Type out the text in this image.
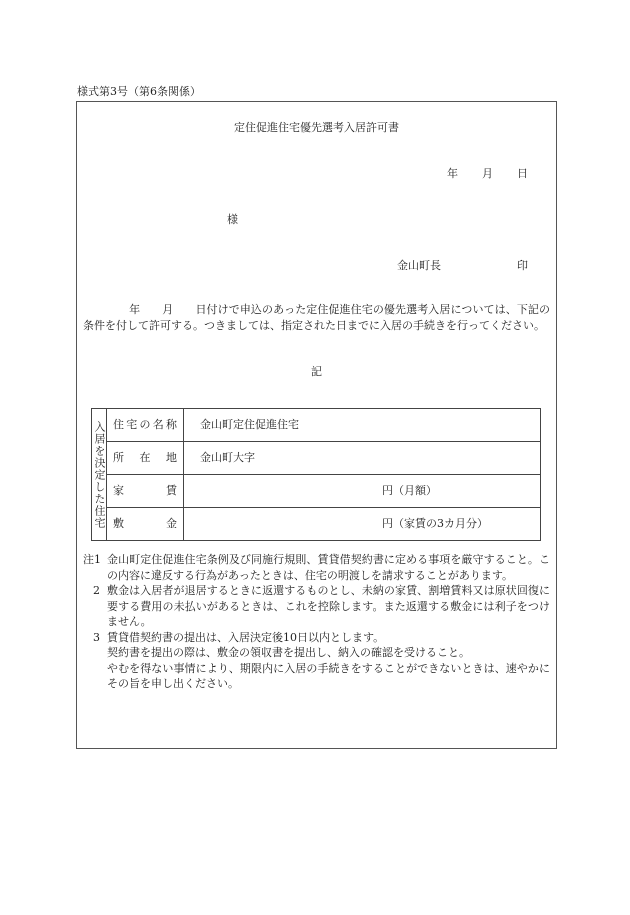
様式第3号（第6条関係）
定住促進住宅優先選考入居許可書
年 月 日
様
金山町長	印
年 月 日付けで申込のあった定住促進住宅の優先選考入居については、下記の条件を付して許可する。つきましては、指定された日までに入居の手続きを行ってください。
記
入居を決定した住宅	住宅の名称	金山町定住促進住宅
	所在地	金山町大字
	家賃	円（月額）
	敷金	円（家賃の3カ月分）

注1 金山町定住促進住宅条例及び同施行規則、賃貸借契約書に定める事項を厳守すること。この内容に違反する行為があったときは、住宅の明渡しを請求することがあります。

2 敷金は入居者が退居するときに返還するものとし、未納の家賃、割増賃料又は原状回復に要する費用の未払いがあるときは、これを控除します。また返還する敷金には利子をつけません。

3 賃貸借契約書の提出は、入居決定後10日以内とします。

契約書を提出の際は、敷金の領収書を提出し、納入の確認を受けること。

やむを得ない事情により、期限内に入居の手続きをすることができないときは、速やかにその旨を申し出ください。
